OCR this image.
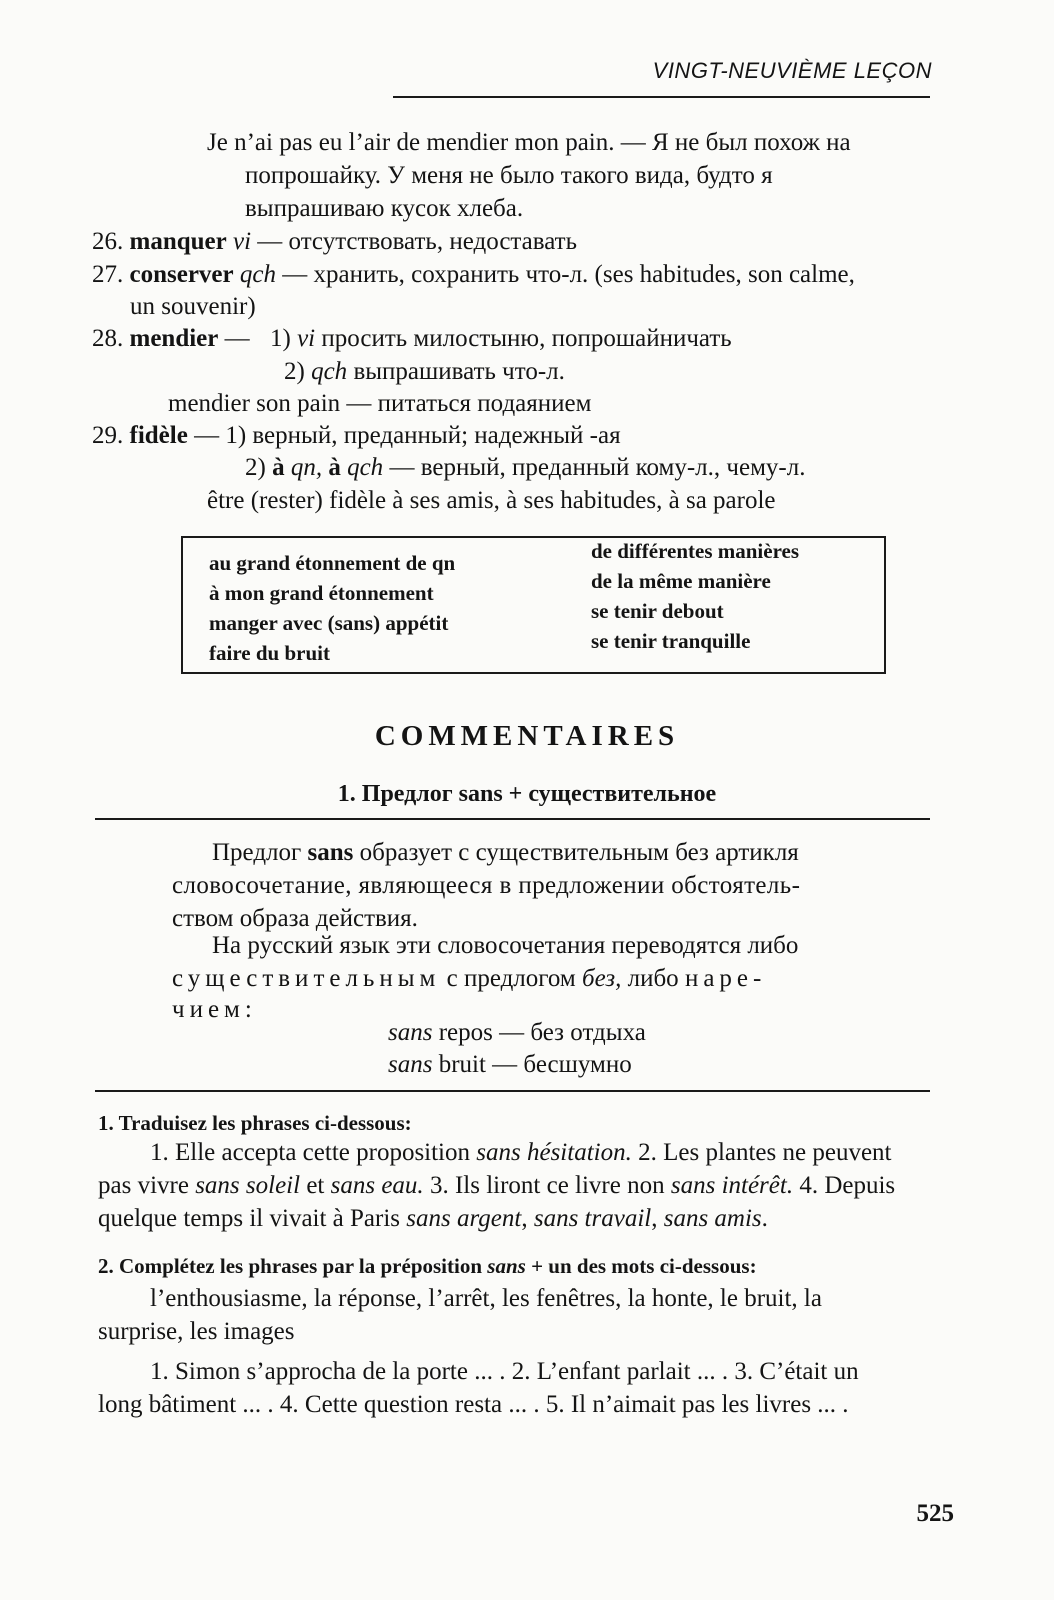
VINGT-NEUVIÈME LEÇON
Je n’ai pas eu l’air de mendier mon pain. — Я не был похож на
попрошайку. У меня не было такого вида, будто я
выпрашиваю кусок хлеба.
26. manquer vi — отсутствовать, недоставать
27. conserver qch — хранить, сохранить что-л. (ses habitudes, son calme,
un souvenir)
28. mendier — 1) vi просить милостыню, попрошайничать
2) qch выпрашивать что-л.
mendier son pain — питаться подаянием
29. fidèle — 1) верный, преданный; надежный -ая
2) à qn, à qch — верный, преданный кому-л., чему-л.
être (rester) fidèle à ses amis, à ses habitudes, à sa parole
au grand étonnement de qn
à mon grand étonnement
manger avec (sans) appétit
faire du bruit
de différentes manières
de la même manière
se tenir debout
se tenir tranquille
COMMENTAIRES
1. Предлог sans + существительное
Предлог sans образует с существительным без артикля
словосочетание, являющееся в предложении обстоятель-
ством образа действия.
На русский язык эти словосочетания переводятся либо
существительным с предлогом без, либо наре-
чием:
sans repos — без отдыха
sans bruit — бесшумно
1. Traduisez les phrases ci-dessous:
1. Elle accepta cette proposition sans hésitation. 2. Les plantes ne peuvent
pas vivre sans soleil et sans eau. 3. Ils liront ce livre non sans intérêt. 4. Depuis
quelque temps il vivait à Paris sans argent, sans travail, sans amis.
2. Complétez les phrases par la préposition sans + un des mots ci-dessous:
l’enthousiasme, la réponse, l’arrêt, les fenêtres, la honte, le bruit, la
surprise, les images
1. Simon s’approcha de la porte ... . 2. L’enfant parlait ... . 3. C’était un
long bâtiment ... . 4. Cette question resta ... . 5. Il n’aimait pas les livres ... .
525
